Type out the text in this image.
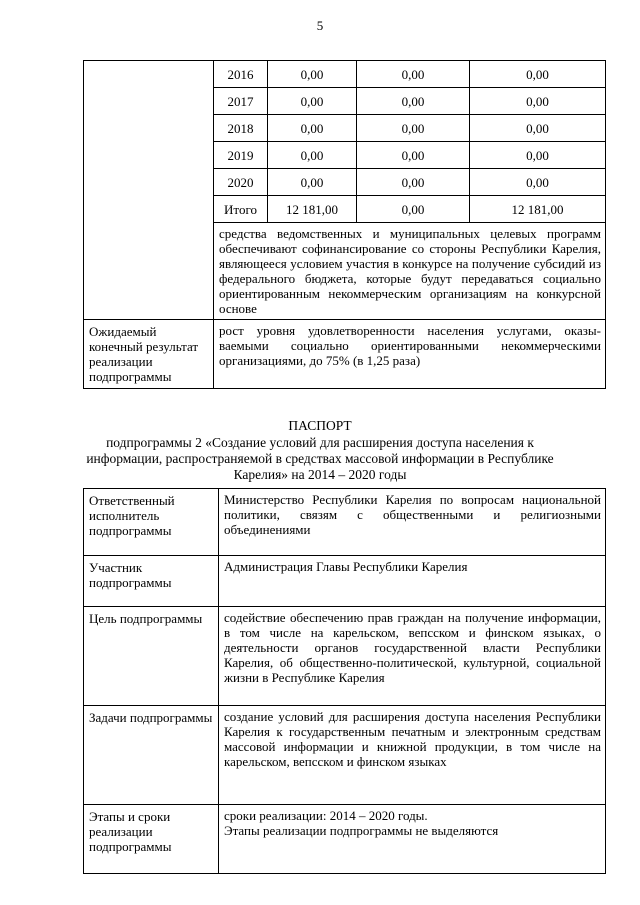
5
	2016	0,00	0,00	0,00
	2017	0,00	0,00	0,00
	2018	0,00	0,00	0,00
	2019	0,00	0,00	0,00
	2020	0,00	0,00	0,00
	Итого	12 181,00	0,00	12 181,00
	средства ведомственных и муниципальных целевых программ обеспечивают софинансирование со стороны Республики Карелия, являющееся условием участия в конкурсе на получение субсидий из федерального бюджета, которые будут передаваться социально ориентированным некоммерческим организациям на конкурсной основе			
Ожидаемый конечный результат реализации подпрограммы	рост уровня удовлетворенности населения услугами, оказы-ваемыми социально ориентированными некоммерческими организациями, до 75% (в 1,25 раза)			
ПАСПОРТ
подпрограммы 2 «Создание условий для расширения доступа населения к
информации, распространяемой в средствах массовой информации в Республике
Карелия» на 2014 – 2020 годы
Ответственный исполнитель подпрограммы	Министерство Республики Карелия по вопросам национальной политики, связям с общественными и религиозными объединениями

Участник подпрограммы	Администрация Главы Республики Карелия

Цель подпрограммы	содействие обеспечению прав граждан на получение информации, в том числе на карельском, вепсском и финском языках, о деятельности органов государственной власти Республики Карелия, об общественно-политической, культурной, социальной жизни в Республике Карелия

Задачи подпрограммы	создание условий для расширения доступа населения Республики Карелия к государственным печатным и электронным средствам массовой информации и книжной продукции, в том числе на карельском, вепсском и финском языках

Этапы и сроки реализации подпрограммы	сроки реализации: 2014 – 2020 годы.
Этапы реализации подпрограммы не выделяются
